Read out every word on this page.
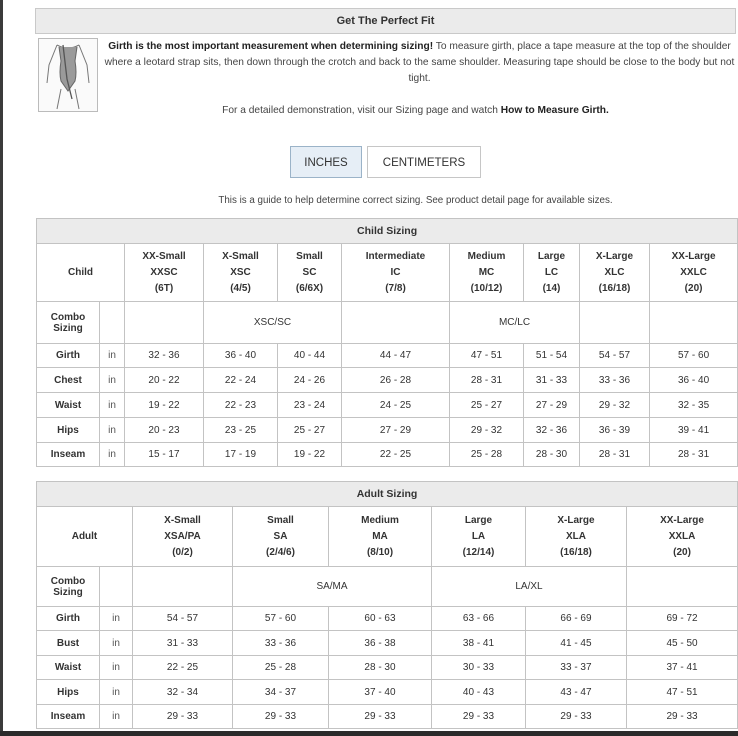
Get The Perfect Fit
Girth is the most important measurement when determining sizing! To measure girth, place a tape measure at the top of the shoulder where a leotard strap sits, then down through the crotch and back to the same shoulder. Measuring tape should be close to the body but not tight.
For a detailed demonstration, visit our Sizing page and watch How to Measure Girth.
INCHES	CENTIMETERS
This is a guide to help determine correct sizing. See product detail page for available sizes.
Child Sizing									
Child		XX-Small
XXSC
(6T)	X-Small
XSC
(4/5)	Small
SC
(6/6X)	Intermediate
IC
(7/8)	Medium
MC
(10/12)	Large
LC
(14)	X-Large
XLC
(16/18)	XX-Large
XXLC
(20)

Combo Sizing			XSC/SC			MC/LC			
Girth	in	32 - 36	36 - 40	40 - 44	44 - 47	47 - 51	51 - 54	54 - 57	57 - 60
Chest	in	20 - 22	22 - 24	24 - 26	26 - 28	28 - 31	31 - 33	33 - 36	36 - 40
Waist	in	19 - 22	22 - 23	23 - 24	24 - 25	25 - 27	27 - 29	29 - 32	32 - 35
Hips	in	20 - 23	23 - 25	25 - 27	27 - 29	29 - 32	32 - 36	36 - 39	39 - 41
Inseam	in	15 - 17	17 - 19	19 - 22	22 - 25	25 - 28	28 - 30	28 - 31	28 - 31
Adult Sizing							
Adult		X-Small
XSA/PA
(0/2)	Small
SA
(2/4/6)	Medium
MA
(8/10)	Large
LA
(12/14)	X-Large
XLA
(16/18)	XX-Large
XXLA
(20)

Combo Sizing			SA/MA		LA/XL		
Girth	in	54 - 57	57 - 60	60 - 63	63 - 66	66 - 69	69 - 72
Bust	in	31 - 33	33 - 36	36 - 38	38 - 41	41 - 45	45 - 50
Waist	in	22 - 25	25 - 28	28 - 30	30 - 33	33 - 37	37 - 41
Hips	in	32 - 34	34 - 37	37 - 40	40 - 43	43 - 47	47 - 51
Inseam	in	29 - 33	29 - 33	29 - 33	29 - 33	29 - 33	29 - 33
